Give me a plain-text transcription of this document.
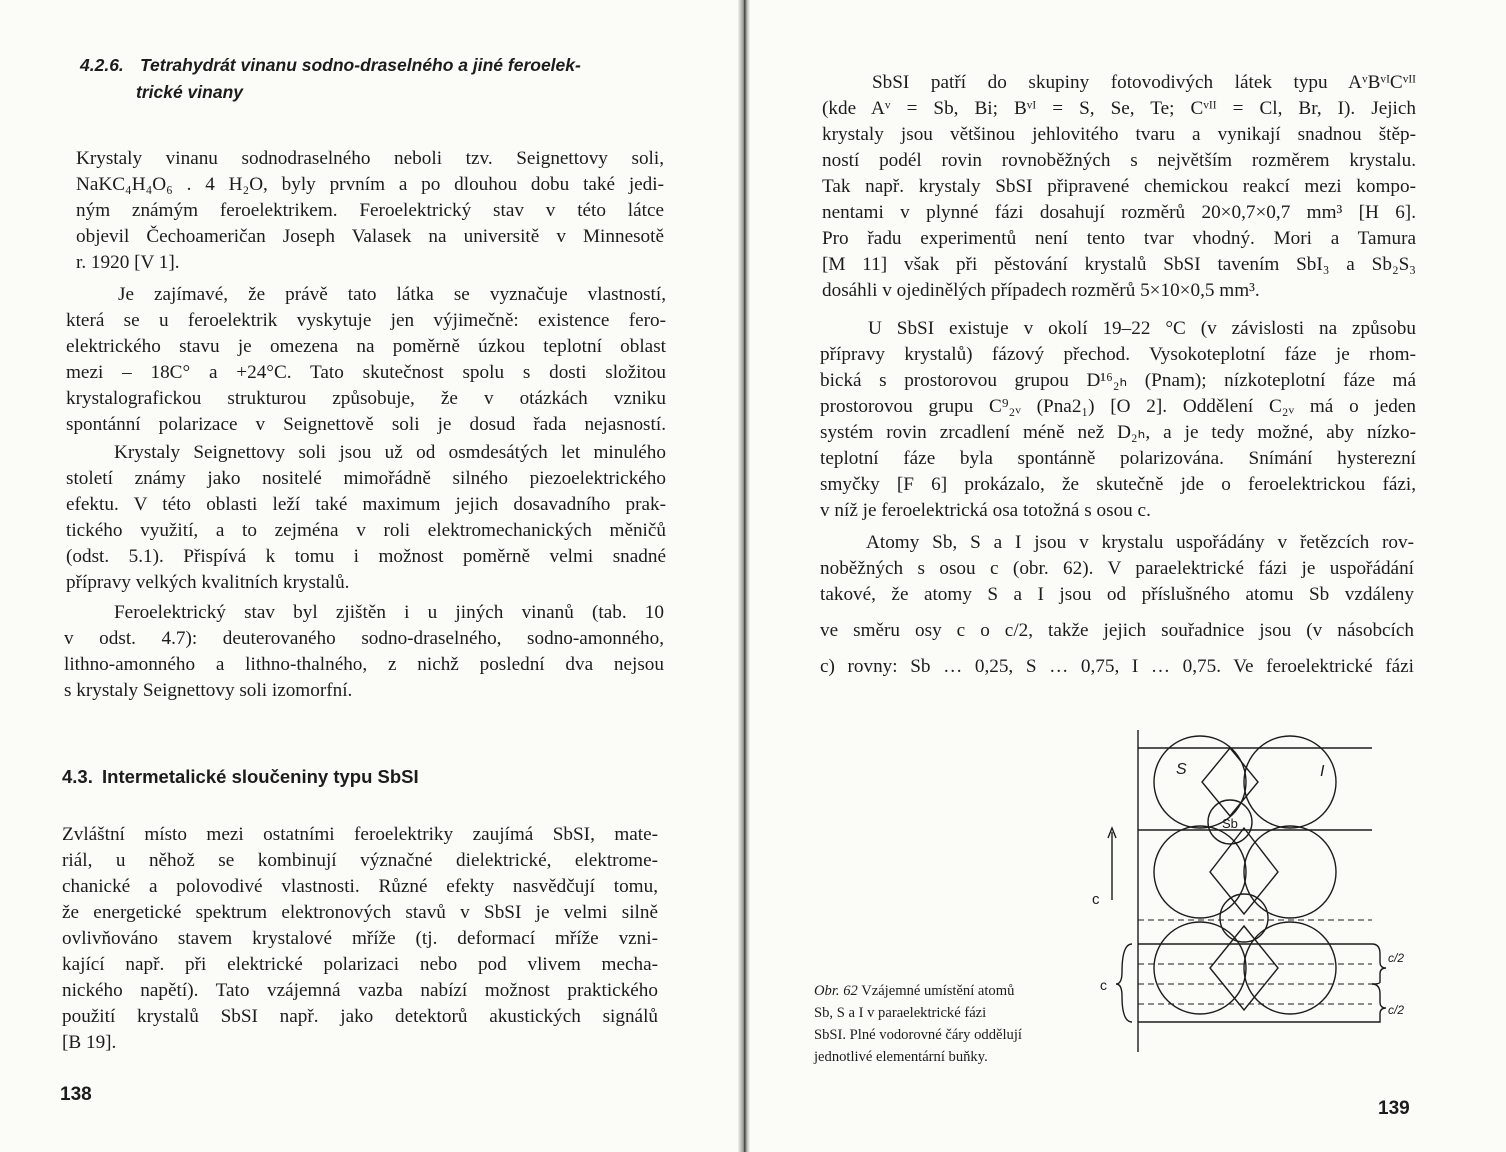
4.2.6. Tetrahydrát vinanu sodno-draselného a jiné feroelek-
trické vinany
Krystaly vinanu sodnodraselného neboli tzv. Seignettovy soli,
NaKC₄H₄O₆ . 4 H₂O, byly prvním a po dlouhou dobu také jedi-
ným známým feroelektrikem. Feroelektrický stav v této látce
objevil Čechoameričan Joseph Valasek na universitě v Minnesotě
r. 1920 [V 1].
Je zajímavé, že právě tato látka se vyznačuje vlastností,
která se u feroelektrik vyskytuje jen výjimečně: existence fero-
elektrického stavu je omezena na poměrně úzkou teplotní oblast
mezi – 18C° a +24°C. Tato skutečnost spolu s dosti složitou
krystalografickou strukturou způsobuje, že v otázkách vzniku
spontánní polarizace v Seignettově soli je dosud řada nejasností.
Krystaly Seignettovy soli jsou už od osmdesátých let minulého
století známy jako nositelé mimořádně silného piezoelektrického
efektu. V této oblasti leží také maximum jejich dosavadního prak-
tického využití, a to zejména v roli elektromechanických měničů
(odst. 5.1). Přispívá k tomu i možnost poměrně velmi snadné
přípravy velkých kvalitních krystalů.
Feroelektrický stav byl zjištěn i u jiných vinanů (tab. 10
v odst. 4.7): deuterovaného sodno-draselného, sodno-amonného,
lithno-amonného a lithno-thalného, z nichž poslední dva nejsou
s krystaly Seignettovy soli izomorfní.
4.3. Intermetalické sloučeniny typu SbSI
Zvláštní místo mezi ostatními feroelektriky zaujímá SbSI, mate-
riál, u něhož se kombinují význačné dielektrické, elektrome-
chanické a polovodivé vlastnosti. Různé efekty nasvědčují tomu,
že energetické spektrum elektronových stavů v SbSI je velmi silně
ovlivňováno stavem krystalové mříže (tj. deformací mříže vzni-
kající např. při elektrické polarizaci nebo pod vlivem mecha-
nického napětí). Tato vzájemná vazba nabízí možnost praktického
použití krystalů SbSI např. jako detektorů akustických signálů
[B 19].
138
SbSI patří do skupiny fotovodivých látek typu AᵛBᵛᴵCᵛᴵᴵ
(kde Aᵛ = Sb, Bi; Bᵛᴵ = S, Se, Te; Cᵛᴵᴵ = Cl, Br, I). Jejich
krystaly jsou většinou jehlovitého tvaru a vynikají snadnou štěp-
ností podél rovin rovnoběžných s největším rozměrem krystalu.
Tak např. krystaly SbSI připravené chemickou reakcí mezi kompo-
nentami v plynné fázi dosahují rozměrů 20×0,7×0,7 mm³ [H 6].
Pro řadu experimentů není tento tvar vhodný. Mori a Tamura
[M 11] však při pěstování krystalů SbSI tavením SbI₃ a Sb₂S₃
dosáhli v ojedinělých případech rozměrů 5×10×0,5 mm³.
U SbSI existuje v okolí 19–22 °C (v závislosti na způsobu
přípravy krystalů) fázový přechod. Vysokoteplotní fáze je rhom-
bická s prostorovou grupou D¹⁶₂ₕ (Pnam); nízkoteplotní fáze má
prostorovou grupu C⁹₂ᵥ (Pna2₁) [O 2]. Oddělení C₂ᵥ má o jeden
systém rovin zrcadlení méně než D₂ₕ, a je tedy možné, aby nízko-
teplotní fáze byla spontánně polarizována. Snímání hysterezní
smyčky [F 6] prokázalo, že skutečně jde o feroelektrickou fázi,
v níž je feroelektrická osa totožná s osou c.
Atomy Sb, S a I jsou v krystalu uspořádány v řetězcích rov-
noběžných s osou c (obr. 62). V paraelektrické fázi je uspořádání
takové, že atomy S a I jsou od příslušného atomu Sb vzdáleny
ve směru osy c o c/2, takže jejich souřadnice jsou (v násobcích
c) rovny: Sb … 0,25, S … 0,75, I … 0,75. Ve feroelektrické fázi

Obr. 62 Vzájemné umístění atomů
Sb, S a I v paraelektrické fázi
SbSI. Plné vodorovné čáry oddělují
jednotlivé elementární buňky.

S	I
Sb
c
c
c/2
c/2
139
